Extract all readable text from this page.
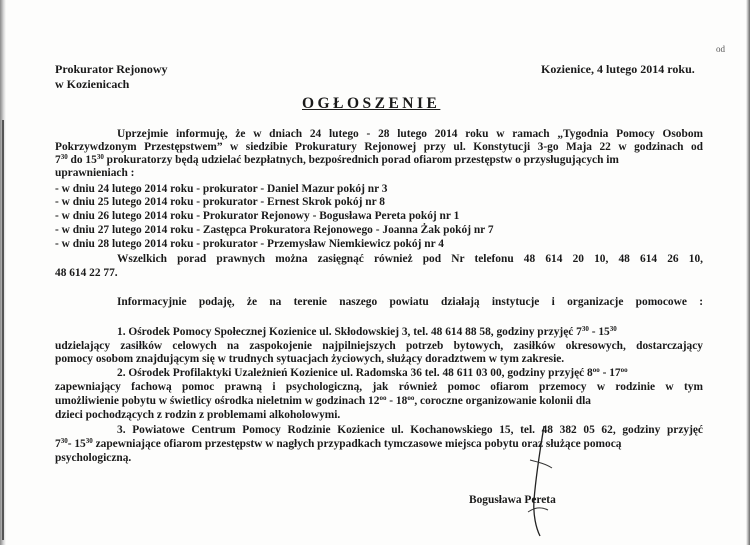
od
Prokurator Rejonowy
w Kozienicach
Kozienice, 4 lutego 2014 roku.
OGŁOSZENIE
Uprzejmie informuję, że w dniach 24 lutego - 28 lutego 2014 roku w ramach „Tygodnia Pomocy Osobom
Pokrzywdzonym Przestępstwem” w siedzibie Prokuratury Rejonowej przy ul. Konstytucji 3-go Maja 22 w godzinach od
$7^{30}$ do $15^{30}$ prokuratorzy będą udzielać bezpłatnych, bezpośrednich porad ofiarom przestępstw o przysługujących im
uprawnieniach :
- w dniu 24 lutego 2014 roku - prokurator - Daniel Mazur pokój nr 3
- w dniu 25 lutego 2014 roku - prokurator - Ernest Skrok pokój nr 8
- w dniu 26 lutego 2014 roku - Prokurator Rejonowy - Bogusława Pereta pokój nr 1
- w dniu 27 lutego 2014 roku - Zastępca Prokuratora Rejonowego - Joanna Żak pokój nr 7
- w dniu 28 lutego 2014 roku - prokurator - Przemysław Niemkiewicz pokój nr 4
Wszelkich porad prawnych można zasięgnąć również pod Nr telefonu 48 614 20 10, 48 614 26 10,
48 614 22 77.
Informacyjnie podaję, że na terenie naszego powiatu działają instytucje i organizacje pomocowe :
1. Ośrodek Pomocy Społecznej Kozienice ul. Skłodowskiej 3, tel. 48 614 88 58, godziny przyjęć $7^{30} - 15^{30}$
udzielający zasiłków celowych na zaspokojenie najpilniejszych potrzeb bytowych, zasiłków okresowych, dostarczający
pomocy osobom znajdującym się w trudnych sytuacjach życiowych, służący doradztwem w tym zakresie.
2. Ośrodek Profilaktyki Uzależnień Kozienice ul. Radomska 36 tel. 48 611 03 00, godziny przyjęć $8^{oo} - 17^{oo}$
zapewniający fachową pomoc prawną i psychologiczną, jak również pomoc ofiarom przemocy w rodzinie w tym
umożliwienie pobytu w świetlicy ośrodka nieletnim w godzinach $12^{oo} - 18^{oo}$, coroczne organizowanie kolonii dla
dzieci pochodzących z rodzin z problemami alkoholowymi.
3. Powiatowe Centrum Pomocy Rodzinie Kozienice ul. Kochanowskiego 15, tel. 48 382 05 62, godziny przyjęć
$7^{30}-$ $15^{30}$ zapewniające ofiarom przestępstw w nagłych przypadkach tymczasowe miejsca pobytu oraz służące pomocą
psychologiczną.
Bogusława Pereta
